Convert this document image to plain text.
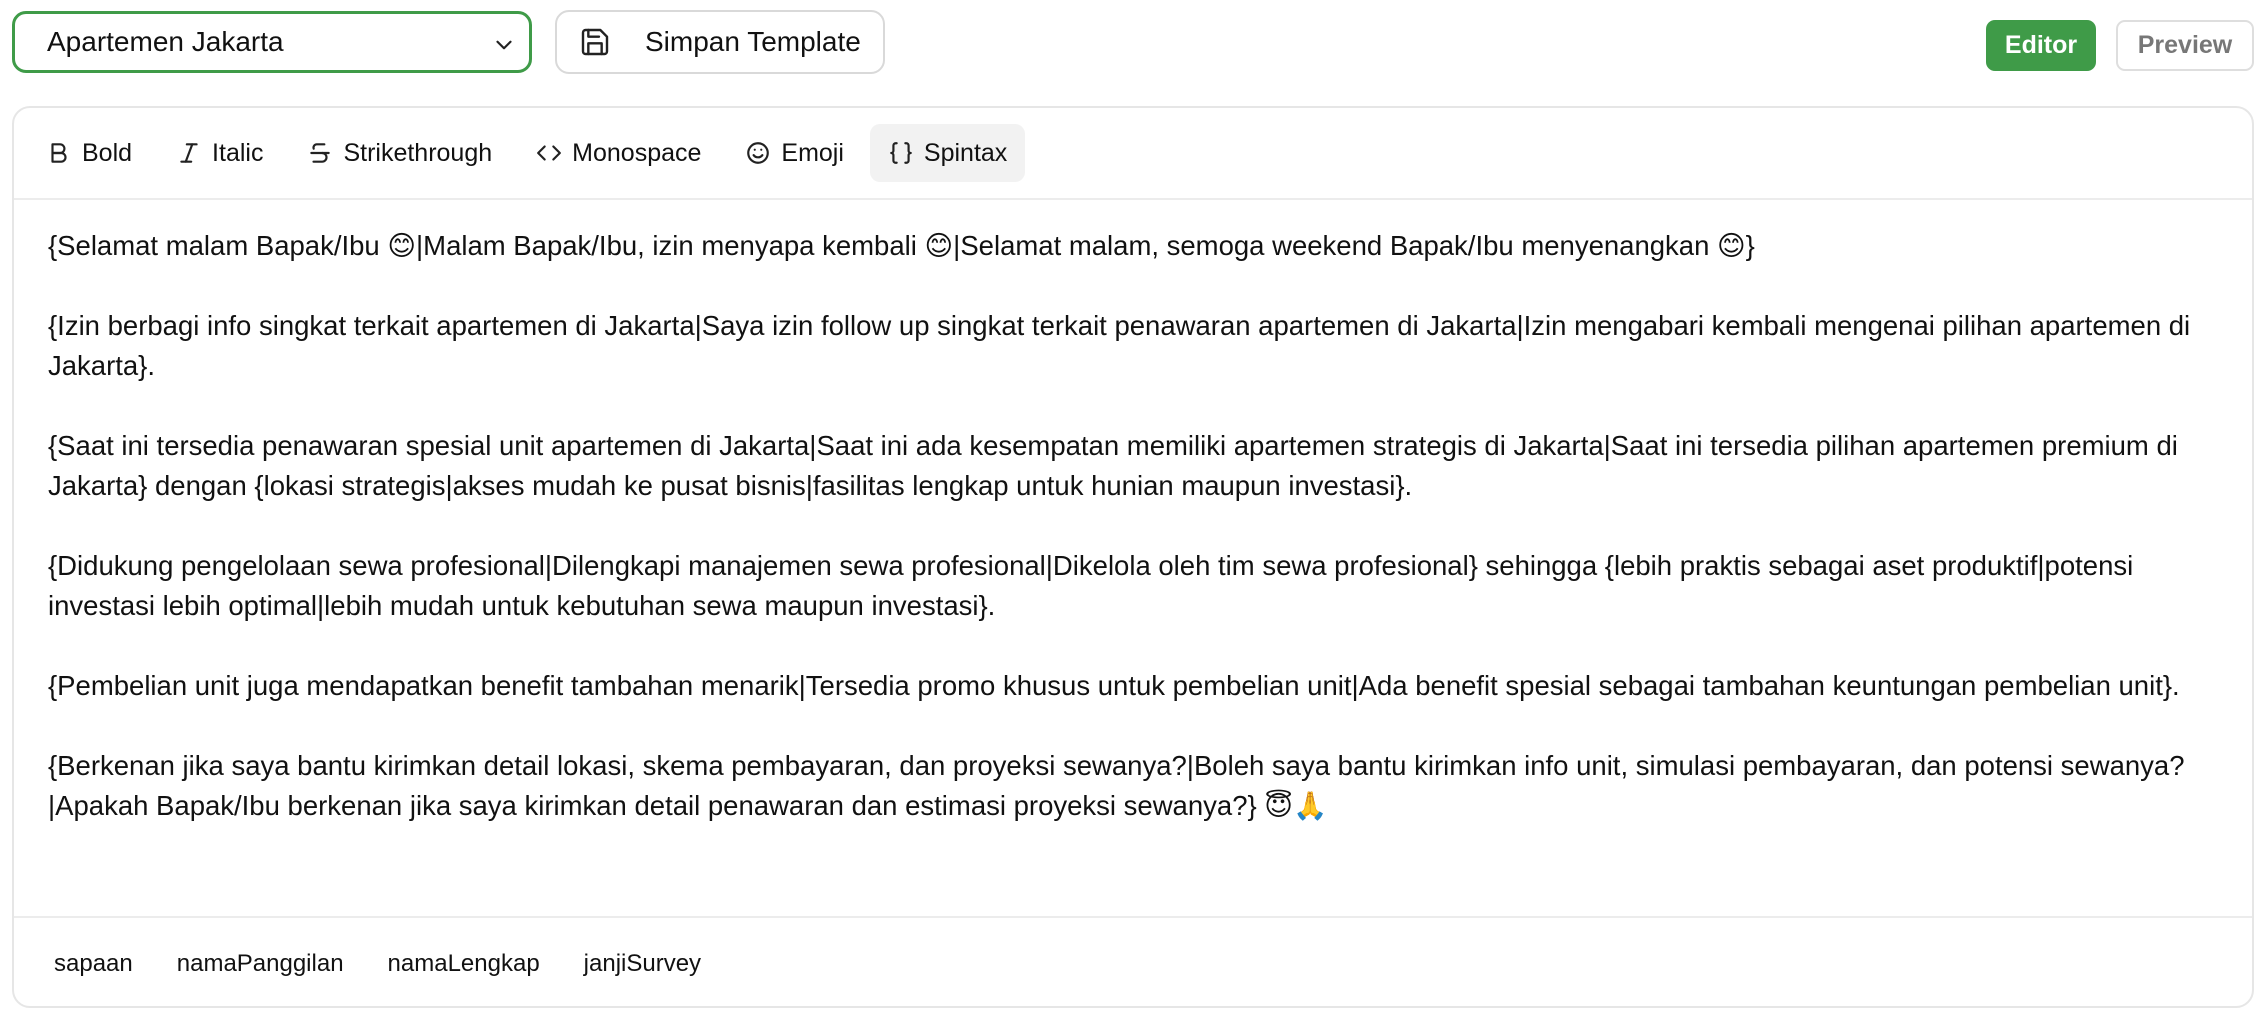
Apartemen Jakarta	Simpan Template	Editor	Preview
Bold	Italic	Strikethrough	Monospace	Emoji	Spintax
{Selamat malam Bapak/Ibu 😊|Malam Bapak/Ibu, izin menyapa kembali 😊|Selamat malam, semoga weekend Bapak/Ibu menyenangkan 😊}

{Izin berbagi info singkat terkait apartemen di Jakarta|Saya izin follow up singkat terkait penawaran apartemen di Jakarta|Izin mengabari kembali mengenai pilihan apartemen di Jakarta}.

{Saat ini tersedia penawaran spesial unit apartemen di Jakarta|Saat ini ada kesempatan memiliki apartemen strategis di Jakarta|Saat ini tersedia pilihan apartemen premium di Jakarta} dengan {lokasi strategis|akses mudah ke pusat bisnis|fasilitas lengkap untuk hunian maupun investasi}.

{Didukung pengelolaan sewa profesional|Dilengkapi manajemen sewa profesional|Dikelola oleh tim sewa profesional} sehingga {lebih praktis sebagai aset produktif|potensi investasi lebih optimal|lebih mudah untuk kebutuhan sewa maupun investasi}.

{Pembelian unit juga mendapatkan benefit tambahan menarik|Tersedia promo khusus untuk pembelian unit|Ada benefit spesial sebagai tambahan keuntungan pembelian unit}.

{Berkenan jika saya bantu kirimkan detail lokasi, skema pembayaran, dan proyeksi sewanya?|Boleh saya bantu kirimkan info unit, simulasi pembayaran, dan potensi sewanya?|Apakah Bapak/Ibu berkenan jika saya kirimkan detail penawaran dan estimasi proyeksi sewanya?} 😇🙏
sapaan	namaPanggilan	namaLengkap	janjiSurvey
